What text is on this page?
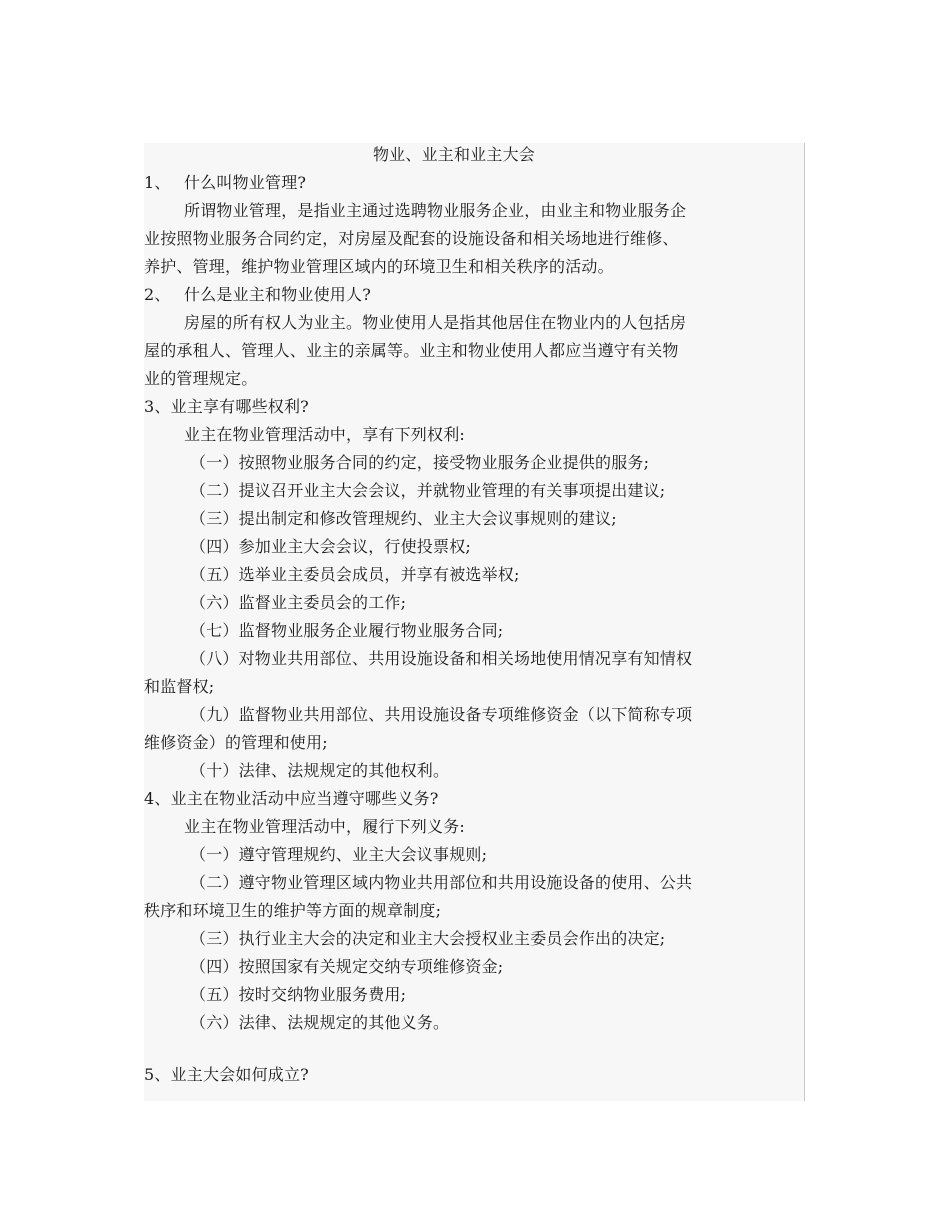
物业、业主和业主大会
1、 什么叫物业管理?
所谓物业管理，是指业主通过选聘物业服务企业，由业主和物业服务企
业按照物业服务合同约定，对房屋及配套的设施设备和相关场地进行维修、
养护、管理，维护物业管理区域内的环境卫生和相关秩序的活动。
2、 什么是业主和物业使用人?
房屋的所有权人为业主。物业使用人是指其他居住在物业内的人包括房
屋的承租人、管理人、业主的亲属等。业主和物业使用人都应当遵守有关物
业的管理规定。
3、业主享有哪些权利?
业主在物业管理活动中，享有下列权利:
（一）按照物业服务合同的约定，接受物业服务企业提供的服务;
（二）提议召开业主大会会议，并就物业管理的有关事项提出建议;
（三）提出制定和修改管理规约、业主大会议事规则的建议;
（四）参加业主大会会议，行使投票权;
（五）选举业主委员会成员，并享有被选举权;
（六）监督业主委员会的工作;
（七）监督物业服务企业履行物业服务合同;
（八）对物业共用部位、共用设施设备和相关场地使用情况享有知情权
和监督权;
（九）监督物业共用部位、共用设施设备专项维修资金（以下简称专项
维修资金）的管理和使用;
（十）法律、法规规定的其他权利。
4、业主在物业活动中应当遵守哪些义务?
业主在物业管理活动中，履行下列义务:
（一）遵守管理规约、业主大会议事规则;
（二）遵守物业管理区域内物业共用部位和共用设施设备的使用、公共
秩序和环境卫生的维护等方面的规章制度;
（三）执行业主大会的决定和业主大会授权业主委员会作出的决定;
（四）按照国家有关规定交纳专项维修资金;
（五）按时交纳物业服务费用;
（六）法律、法规规定的其他义务。
5、业主大会如何成立?
